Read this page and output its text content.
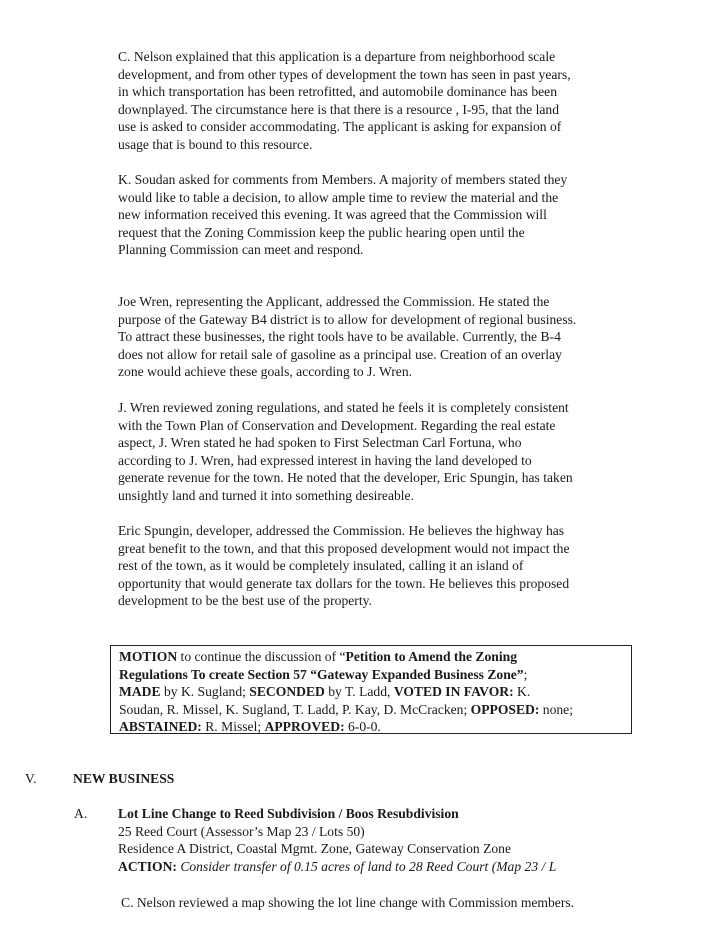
C. Nelson explained that this application is a departure from neighborhood scale
development, and from other types of development the town has seen in past years,
in which transportation has been retrofitted, and automobile dominance has been
downplayed. The circumstance here is that there is a resource , I-95, that the land
use is asked to consider accommodating. The applicant is asking for expansion of
usage that is bound to this resource.
K. Soudan asked for comments from Members. A majority of members stated they
would like to table a decision, to allow ample time to review the material and the
new information received this evening. It was agreed that the Commission will
request that the Zoning Commission keep the public hearing open until the
Planning Commission can meet and respond.
Joe Wren, representing the Applicant, addressed the Commission. He stated the
purpose of the Gateway B4 district is to allow for development of regional business.
To attract these businesses, the right tools have to be available. Currently, the B-4
does not allow for retail sale of gasoline as a principal use. Creation of an overlay
zone would achieve these goals, according to J. Wren.
J. Wren reviewed zoning regulations, and stated he feels it is completely consistent
with the Town Plan of Conservation and Development. Regarding the real estate
aspect, J. Wren stated he had spoken to First Selectman Carl Fortuna, who
according to J. Wren, had expressed interest in having the land developed to
generate revenue for the town. He noted that the developer, Eric Spungin, has taken
unsightly land and turned it into something desireable.
Eric Spungin, developer, addressed the Commission. He believes the highway has
great benefit to the town, and that this proposed development would not impact the
rest of the town, as it would be completely insulated, calling it an island of
opportunity that would generate tax dollars for the town. He believes this proposed
development to be the best use of the property.
MOTION to continue the discussion of “Petition to Amend the Zoning
Regulations To create Section 57 “Gateway Expanded Business Zone”;
MADE by K. Sugland; SECONDED by T. Ladd, VOTED IN FAVOR: K.
Soudan, R. Missel, K. Sugland, T. Ladd, P. Kay, D. McCracken; OPPOSED: none;
ABSTAINED: R. Missel; APPROVED: 6-0-0.
V.	NEW BUSINESS
A. Lot Line Change to Reed Subdivision / Boos Resubdivision
25 Reed Court (Assessor’s Map 23 / Lots 50)
Residence A District, Coastal Mgmt. Zone, Gateway Conservation Zone
ACTION: Consider transfer of 0.15 acres of land to 28 Reed Court (Map 23 / L
C. Nelson reviewed a map showing the lot line change with Commission members.
